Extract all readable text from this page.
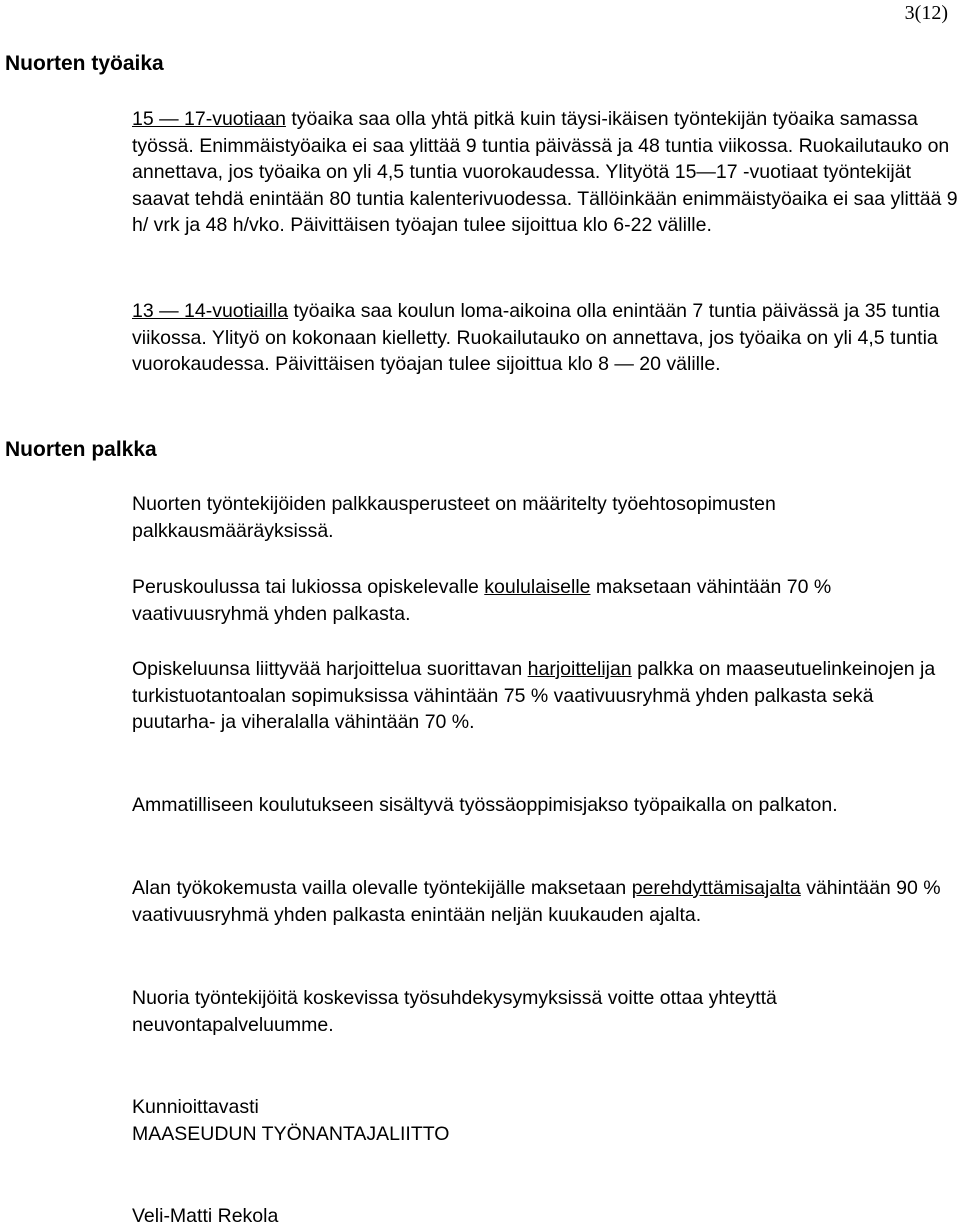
3(12)
Nuorten työaika
Nuorten palkka

15 — 17-vuotiaan työaika saa olla yhtä pitkä kuin täysi-ikäisen työntekijän työaika samassa työssä. Enimmäistyöaika ei saa ylittää 9 tuntia päivässä ja 48 tuntia viikossa. Ruokailutauko on annettava, jos työaika on yli 4,5 tuntia vuorokaudessa. Ylityötä 15—17 -vuotiaat työntekijät saavat tehdä enintään 80 tuntia kalenterivuodessa. Tällöinkään enimmäistyöaika ei saa ylittää 9 h/ vrk ja 48 h/vko. Päivittäisen työajan tulee sijoittua klo 6-22 välille.

13 — 14-vuotiailla työaika saa koulun loma-aikoina olla enintään 7 tuntia päivässä ja 35 tuntia viikossa. Ylityö on kokonaan kielletty. Ruokailutauko on annettava, jos työaika on yli 4,5 tuntia vuorokaudessa. Päivittäisen työajan tulee sijoittua klo 8 — 20 välille.

Nuorten työntekijöiden palkkausperusteet on määritelty työehtosopimusten palkkausmääräyksissä.

Peruskoulussa tai lukiossa opiskelevalle koululaiselle maksetaan vähintään 70 % vaativuusryhmä yhden palkasta.

Opiskeluunsa liittyvää harjoittelua suorittavan harjoittelijan palkka on maaseutuelinkeinojen ja turkistuotantoalan sopimuksissa vähintään 75 % vaativuusryhmä yhden palkasta sekä puutarha- ja viheralalla vähintään 70 %.

Ammatilliseen koulutukseen sisältyvä työssäoppimisjakso työpaikalla on palkaton.

Alan työkokemusta vailla olevalle työntekijälle maksetaan perehdyttämisajalta vähintään 90 % vaativuusryhmä yhden palkasta enintään neljän kuukauden ajalta.

Nuoria työntekijöitä koskevissa työsuhdekysymyksissä voitte ottaa yhteyttä neuvontapalveluumme.

Kunnioittavasti
MAASEUDUN TYÖNANTAJALIITTO

Veli-Matti Rekola
